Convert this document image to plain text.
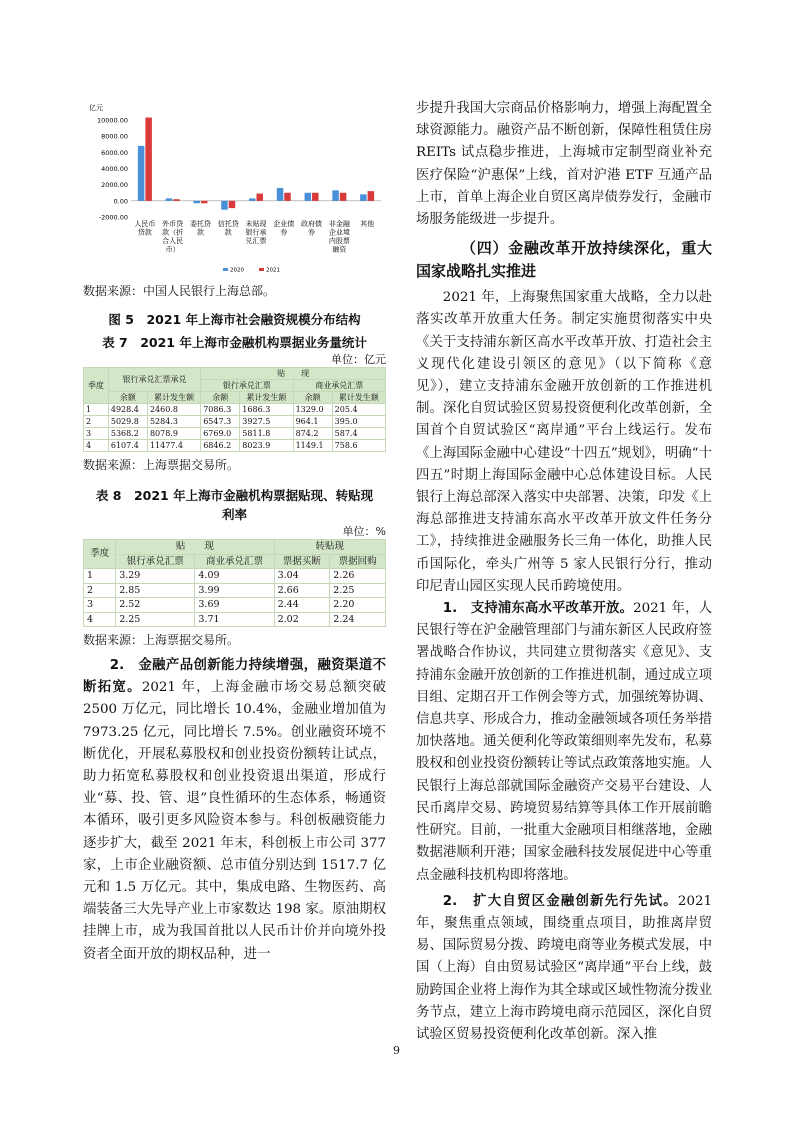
亿元
10000.00
8000.00
6000.00
4000.00
2000.00
0.00
-2000.00
人民币
贷款
外币贷
款（折
合人民
币）
委托贷
款
信托贷
款
未贴现
银行承
兑汇票
企业债
券
政府债
券
非金融
企业境
内股票
融资
其他
2020	2021

数据来源：中国人民银行上海总部。

图 5　2021 年上海市社会融资规模分布结构

表 7　2021 年上海市金融机构票据业务量统计

单位：亿元
季度	银行承兑汇票承兑		贴　　现			
			银行承兑汇票		商业承兑汇票	
	余额	累计发生额	余额	累计发生额	余额	累计发生额
1	4928.4	2460.8	7086.3	1686.3	1329.0	205.4
2	5029.8	5284.3	6547.3	3927.5	964.1	395.0
3	5368.2	8078.9	6769.0	5811.8	874.2	587.4
4	6107.4	11477.4	6846.2	8023.9	1149.1	758.6

数据来源：上海票据交易所。

表 8　2021 年上海市金融机构票据贴现、转贴现

利率

单位：%
季度	贴　　现		转贴现	
	银行承兑汇票	商业承兑汇票	票据买断	票据回购
1	3.29	4.09	3.04	2.26
2	2.85	3.99	2.66	2.25
3	2.52	3.69	2.44	2.20
4	2.25	3.71	2.02	2.24

数据来源：上海票据交易所。

2.　金融产品创新能力持续增强，融资渠道不断拓宽。2021 年，上海金融市场交易总额突破 2500 万亿元，同比增长 10.4%，金融业增加值为 7973.25 亿元，同比增长 7.5%。创业融资环境不断优化，开展私募股权和创业投资份额转让试点，助力拓宽私募股权和创业投资退出渠道，形成行业“募、投、管、退”良性循环的生态体系，畅通资本循环，吸引更多风险资本参与。科创板融资能力逐步扩大，截至 2021 年末，科创板上市公司 377 家，上市企业融资额、总市值分别达到 1517.7 亿元和 1.5 万亿元。其中，集成电路、生物医药、高端装备三大先导产业上市家数达 198 家。原油期权挂牌上市，成为我国首批以人民币计价并向境外投资者全面开放的期权品种，进一

步提升我国大宗商品价格影响力，增强上海配置全球资源能力。融资产品不断创新，保障性租赁住房 REITs 试点稳步推进，上海城市定制型商业补充医疗保险“沪惠保”上线，首对沪港 ETF 互通产品上市，首单上海企业自贸区离岸债券发行，金融市场服务能级进一步提升。

（四）金融改革开放持续深化，重大国家战略扎实推进

2021 年，上海聚焦国家重大战略，全力以赴落实改革开放重大任务。制定实施贯彻落实中央《关于支持浦东新区高水平改革开放、打造社会主义现代化建设引领区的意见》（以下简称《意见》），建立支持浦东金融开放创新的工作推进机制。深化自贸试验区贸易投资便利化改革创新，全国首个自贸试验区“离岸通”平台上线运行。发布《上海国际金融中心建设“十四五”规划》，明确“十四五”时期上海国际金融中心总体建设目标。人民银行上海总部深入落实中央部署、决策，印发《上海总部推进支持浦东高水平改革开放文件任务分工》，持续推进金融服务长三角一体化，助推人民币国际化，牵头广州等 5 家人民银行分行，推动印尼青山园区实现人民币跨境使用。

1.　支持浦东高水平改革开放。2021 年，人民银行等在沪金融管理部门与浦东新区人民政府签署战略合作协议，共同建立贯彻落实《意见》、支持浦东金融开放创新的工作推进机制，通过成立项目组、定期召开工作例会等方式，加强统筹协调、信息共享、形成合力，推动金融领域各项任务举措加快落地。通关便利化等政策细则率先发布，私募股权和创业投资份额转让等试点政策落地实施。人民银行上海总部就国际金融资产交易平台建设、人民币离岸交易、跨境贸易结算等具体工作开展前瞻性研究。目前，一批重大金融项目相继落地，金融数据港顺利开港；国家金融科技发展促进中心等重点金融科技机构即将落地。

2.　扩大自贸区金融创新先行先试。2021 年，聚焦重点领域，围绕重点项目，助推离岸贸易、国际贸易分拨、跨境电商等业务模式发展，中国（上海）自由贸易试验区“离岸通”平台上线，鼓励跨国企业将上海作为其全球或区域性物流分拨业务节点，建立上海市跨境电商示范园区，深化自贸试验区贸易投资便利化改革创新。深入推

9
